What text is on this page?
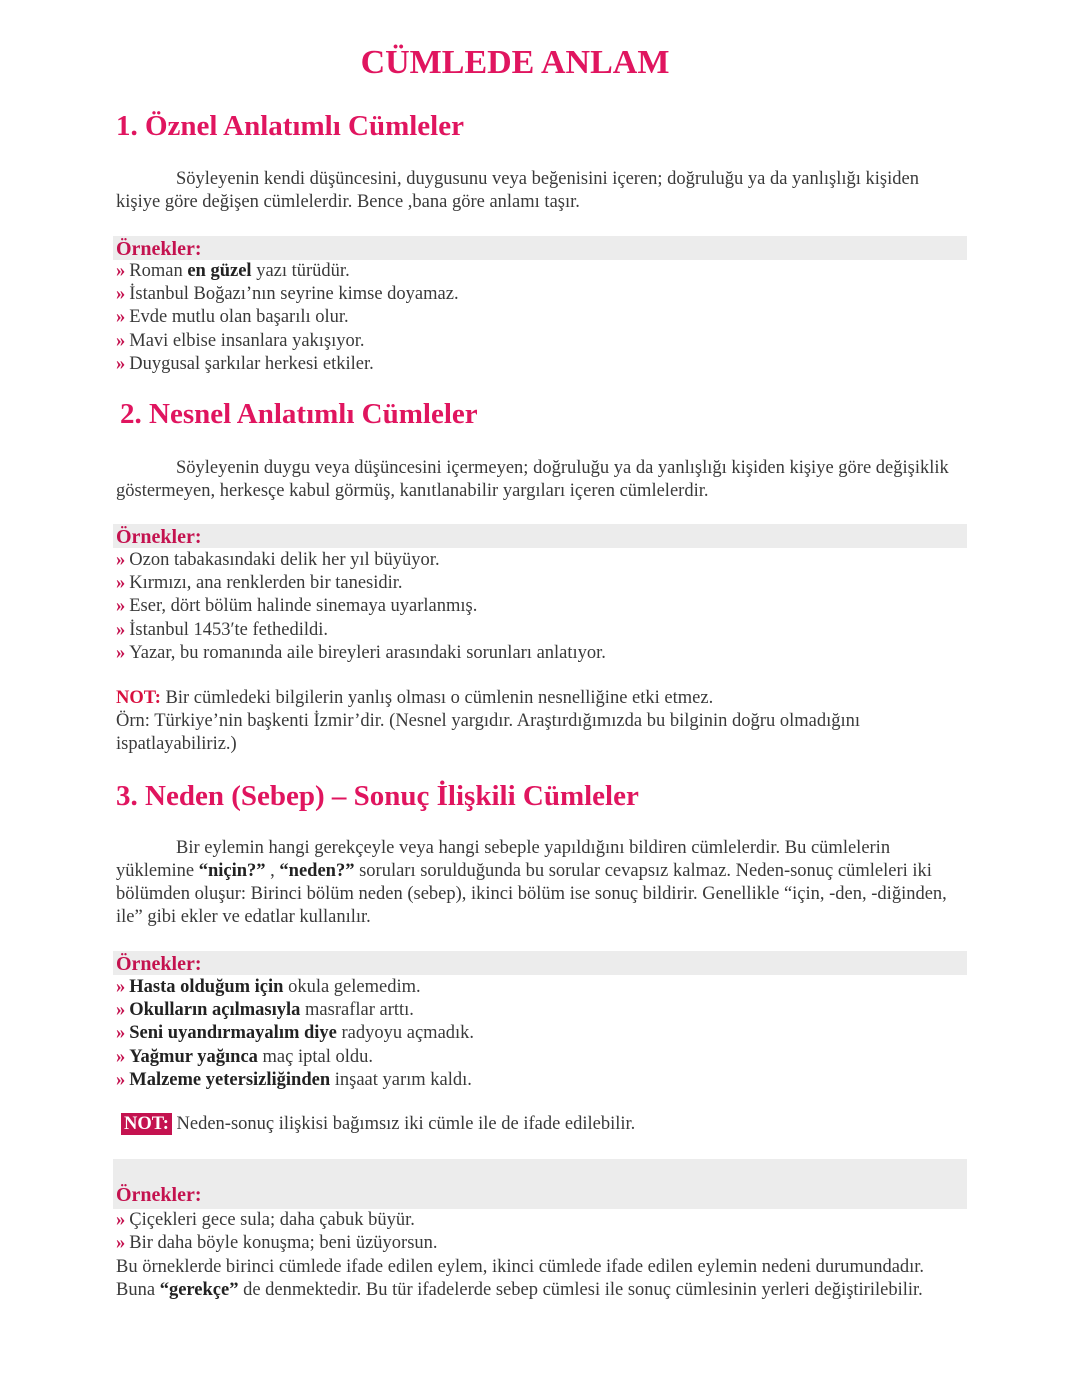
CÜMLEDE ANLAM
1. Öznel Anlatımlı Cümleler

Söyleyenin kendi düşüncesini, duygusunu veya beğenisini içeren; doğruluğu ya da yanlışlığı kişiden kişiye göre değişen cümlelerdir. Bence ,bana göre anlamı taşır.

Örnekler:
» Roman en güzel yazı türüdür.
» İstanbul Boğazı’nın seyrine kimse doyamaz.
» Evde mutlu olan başarılı olur.
» Mavi elbise insanlara yakışıyor.
» Duygusal şarkılar herkesi etkiler.
2. Nesnel Anlatımlı Cümleler

Söyleyenin duygu veya düşüncesini içermeyen; doğruluğu ya da yanlışlığı kişiden kişiye göre değişiklik göstermeyen, herkesçe kabul görmüş, kanıtlanabilir yargıları içeren cümlelerdir.

Örnekler:
» Ozon tabakasındaki delik her yıl büyüyor.
» Kırmızı, ana renklerden bir tanesidir.
» Eser, dört bölüm halinde sinemaya uyarlanmış.
» İstanbul 1453′te fethedildi.
» Yazar, bu romanında aile bireyleri arasındaki sorunları anlatıyor.

NOT: Bir cümledeki bilgilerin yanlış olması o cümlenin nesnelliğine etki etmez.

Örn: Türkiye’nin başkenti İzmir’dir. (Nesnel yargıdır. Araştırdığımızda bu bilginin doğru olmadığını ispatlayabiliriz.)

3. Neden (Sebep) – Sonuç İlişkili Cümleler

Bir eylemin hangi gerekçeyle veya hangi sebeple yapıldığını bildiren cümlelerdir. Bu cümlelerin yüklemine “niçin?” , “neden?” soruları sorulduğunda bu sorular cevapsız kalmaz. Neden-sonuç cümleleri iki bölümden oluşur: Birinci bölüm neden (sebep), ikinci bölüm ise sonuç bildirir. Genellikle “için, -den, -diğinden, ile” gibi ekler ve edatlar kullanılır.

Örnekler:
» Hasta olduğum için okula gelemedim.
» Okulların açılmasıyla masraflar arttı.
» Seni uyandırmayalım diye radyoyu açmadık.
» Yağmur yağınca maç iptal oldu.
» Malzeme yetersizliğinden inşaat yarım kaldı.

NOT: Neden-sonuç ilişkisi bağımsız iki cümle ile de ifade edilebilir.

Örnekler:
» Çiçekleri gece sula; daha çabuk büyür.
» Bir daha böyle konuşma; beni üzüyorsun.

Bu örneklerde birinci cümlede ifade edilen eylem, ikinci cümlede ifade edilen eylemin nedeni durumundadır. Buna “gerekçe” de denmektedir. Bu tür ifadelerde sebep cümlesi ile sonuç cümlesinin yerleri değiştirilebilir.
